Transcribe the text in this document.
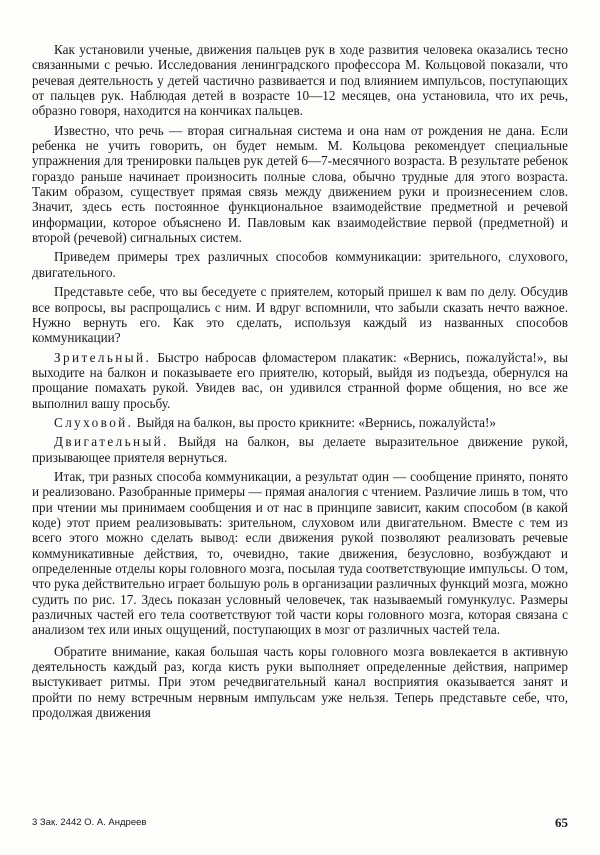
Как установили ученые, движения пальцев рук в ходе развития человека оказались тесно связанными с речью. Исследования ленинградского профессора М. Кольцовой показали, что речевая деятельность у детей частично развивается и под влиянием импульсов, поступающих от пальцев рук. Наблюдая детей в возрасте 10—12 месяцев, она установила, что их речь, образно говоря, находится на кончиках пальцев.

Известно, что речь — вторая сигнальная система и она нам от рождения не дана. Если ребенка не учить говорить, он будет немым. М. Кольцова рекомендует специальные упражнения для тренировки пальцев рук детей 6—7-месячного возраста. В результате ребенок гораздо раньше начинает произносить полные слова, обычно трудные для этого возраста. Таким образом, существует прямая связь между движением руки и произнесением слов. Значит, здесь есть постоянное функциональное взаимодействие предметной и речевой информации, которое объяснено И. Павловым как взаимодействие первой (предметной) и второй (речевой) сигнальных систем.

Приведем примеры трех различных способов коммуникации: зрительного, слухового, двигательного.

Представьте себе, что вы беседуете с приятелем, который пришел к вам по делу. Обсудив все вопросы, вы распрощались с ним. И вдруг вспомнили, что забыли сказать нечто важное. Нужно вернуть его. Как это сделать, используя каждый из названных способов коммуникации?

Зрительный. Быстро набросав фломастером плакатик: «Вернись, пожалуйста!», вы выходите на балкон и показываете его приятелю, который, выйдя из подъезда, обернулся на прощание помахать рукой. Увидев вас, он удивился странной форме общения, но все же выполнил вашу просьбу.

Слуховой. Выйдя на балкон, вы просто крикните: «Вернись, пожалуйста!»

Двигательный. Выйдя на балкон, вы делаете выразительное движение рукой, призывающее приятеля вернуться.

Итак, три разных способа коммуникации, а результат один — сообщение принято, понято и реализовано. Разобранные примеры — прямая аналогия с чтением. Различие лишь в том, что при чтении мы принимаем сообщения и от нас в принципе зависит, каким способом (в какой коде) этот прием реализовывать: зрительном, слуховом или двигательном. Вместе с тем из всего этого можно сделать вывод: если движения рукой позволяют реализовать речевые коммуникативные действия, то, очевидно, такие движения, безусловно, возбуждают и определенные отделы коры головного мозга, посылая туда соответствующие импульсы. О том, что рука действительно играет большую роль в организации различных функций мозга, можно судить по рис. 17. Здесь показан условный человечек, так называемый гомункулус. Размеры различных частей его тела соответствуют той части коры головного мозга, которая связана с анализом тех или иных ощущений, поступающих в мозг от различных частей тела.

Обратите внимание, какая большая часть коры головного мозга вовлекается в активную деятельность каждый раз, когда кисть руки выполняет определенные действия, например выстукивает ритмы. При этом речедвигательный канал восприятия оказывается занят и пройти по нему встречным нервным импульсам уже нельзя. Теперь представьте себе, что, продолжая движения

3 Зак. 2442 О. А. Андреев	65
